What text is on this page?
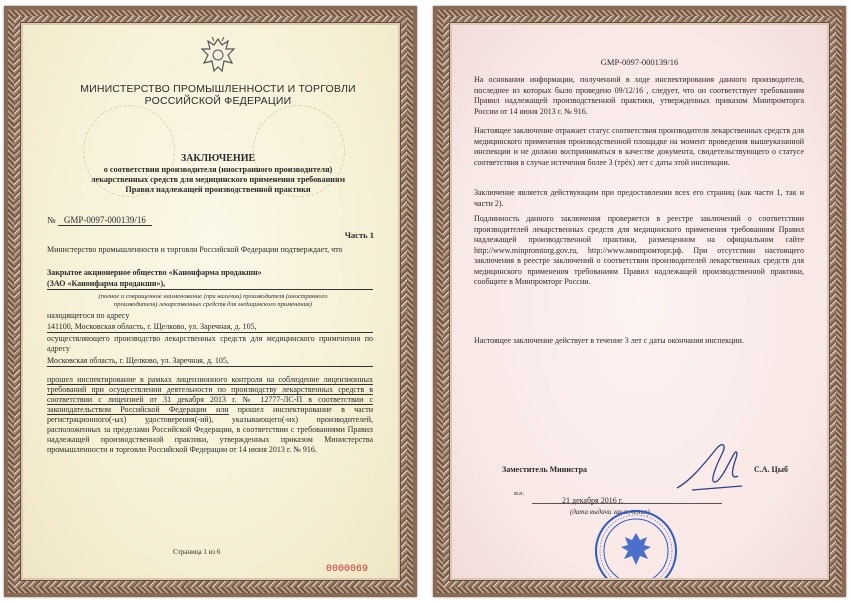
МИНИСТЕРСТВО ПРОМЫШЛЕННОСТИ И ТОРГОВЛИ
РОССИЙСКОЙ ФЕДЕРАЦИИ
ЗАКЛЮЧЕНИЕ
о соответствии производителя (иностранного производителя)
лекарственных средств для медицинского применения требованиям
Правил надлежащей производственной практики
№ GMP-0097-000139/16
Часть 1
Министерство промышленности и торговли Российской Федерации подтверждает, что
Закрытое акционерное общество «Канонфарма продакшн»
(ЗАО «Канонфарма продакшн»),
(полное и сокращенное наименование (при наличии) производителя (иностранного производителя) лекарственных средств для медицинского применения)
находящегося по адресу
141100, Московская область, г. Щелково, ул. Заречная, д. 105,
осуществляющего производство лекарственных средств для медицинского применения по адресу
Московская область, г. Щелково, ул. Заречная, д. 105,
прошел инспектирование в рамках лицензионного контроля на соблюдение лицензионных требований при осуществлении деятельности по производству лекарственных средств в соответствии с лицензией от 31 декабря 2013 г. № 12777-ЛС-П в соответствии с законодательством Российской Федерации или прошел инспектирование в части регистрационного(-ых) удостоверения(-ий), указывающего(-их) производителей, расположенных за пределами Российской Федерации, в соответствии с требованиями Правил надлежащей производственной практики, утвержденных приказом Министерства промышленности и торговли Российской Федерации от 14 июня 2013 г. № 916.
Страница 1 из 6
0000069
GMP-0097-000139/16
На основании информации, полученной в ходе инспектирования данного производителя, последнее из которых было проведено 09/12/16 , следует, что он соответствует требованиям Правил надлежащей производственной практики, утвержденных приказом Минпромторга России от 14 июня 2013 г. № 916.
Настоящее заключение отражает статус соответствия производителя лекарственных средств для медицинского применения производственной площадке на момент проведения вышеуказанной инспекции и не должно восприниматься в качестве документа, свидетельствующего о статусе соответствия в случае истечения более 3 (трёх) лет с даты этой инспекции.
Заключение является действующим при предоставлении всех его страниц (как части 1, так и части 2).
Подлинность данного заключения проверяется в реестре заключений о соответствии производителей лекарственных средств для медицинского применения требованиям Правил надлежащей производственной практики, размещенном на официальном сайте http://www.minpromtorg.gov.ru, http://www.минпромторг.рф. При отсутствии настоящего заключения в реестре заключений о соответствии производителей лекарственных средств для медицинского применения требованиям Правил надлежащей производственной практики, сообщите в Минпромторг России.
Настоящее заключение действует в течение 3 лет с даты окончания инспекции.
Заместитель Министра	С.А. Цыб
м.п.
21 декабря 2016 г.
(дата выдачи заключения)
